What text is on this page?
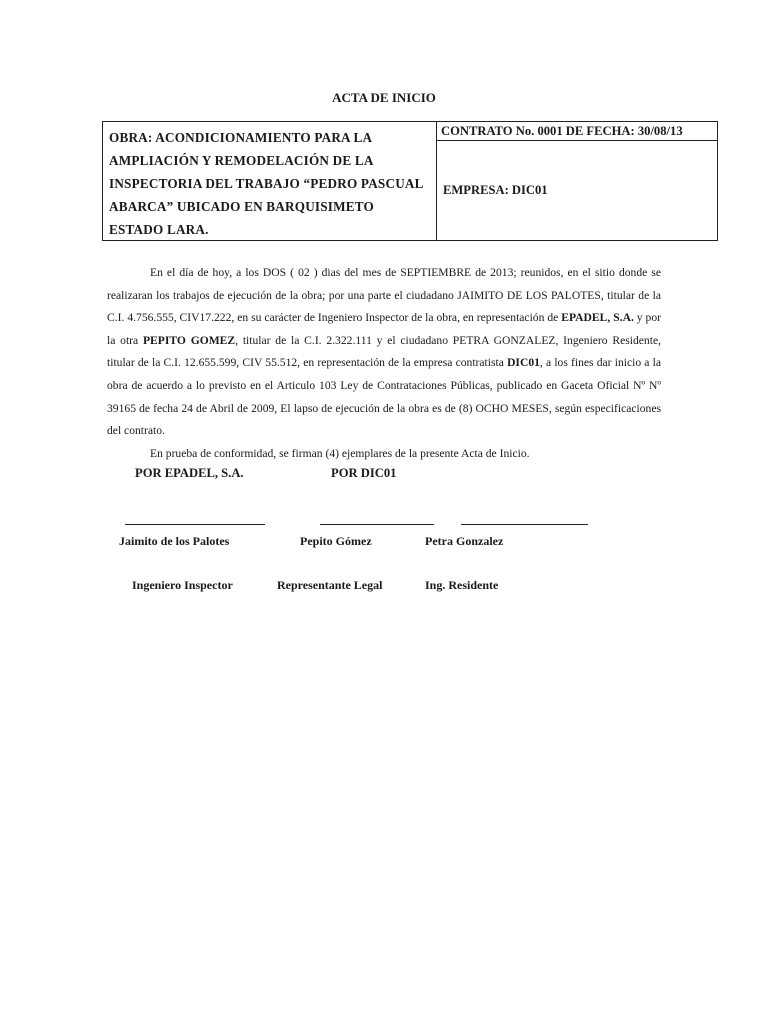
ACTA DE INICIO
OBRA: ACONDICIONAMIENTO PARA LA AMPLIACIÓN Y REMODELACIÓN DE LA INSPECTORIA DEL TRABAJO “PEDRO PASCUAL ABARCA” UBICADO EN BARQUISIMETO ESTADO LARA.
CONTRATO No. 0001 DE FECHA: 30/08/13
EMPRESA: DIC01

En el día de hoy, a los DOS ( 02 ) dias del mes de SEPTIEMBRE de 2013; reunidos, en el sitio donde se realizaran los trabajos de ejecución de la obra; por una parte el ciudadano JAIMITO DE LOS PALOTES, titular de la C.I. 4.756.555, CIV17.222, en su carácter de Ingeniero Inspector de la obra, en representación de EPADEL, S.A. y por la otra PEPITO GOMEZ, titular de la C.I. 2.322.111 y el ciudadano PETRA GONZALEZ, Ingeniero Residente, titular de la C.I. 12.655.599, CIV 55.512, en representación de la empresa contratista DIC01, a los fines dar inicio a la obra de acuerdo a lo previsto en el Articulo 103 Ley de Contrataciones Públicas, publicado en Gaceta Oficial Nº Nº 39165 de fecha 24 de Abril de 2009, El lapso de ejecución de la obra es de (8) OCHO MESES, según especificaciones del contrato.

En prueba de conformidad, se firman (4) ejemplares de la presente Acta de Inicio.

POR EPADEL, S.A.	POR DIC01
Jaimito de los Palotes	Pepito Gómez	Petra Gonzalez
Ingeniero Inspector	Representante Legal	Ing. Residente
